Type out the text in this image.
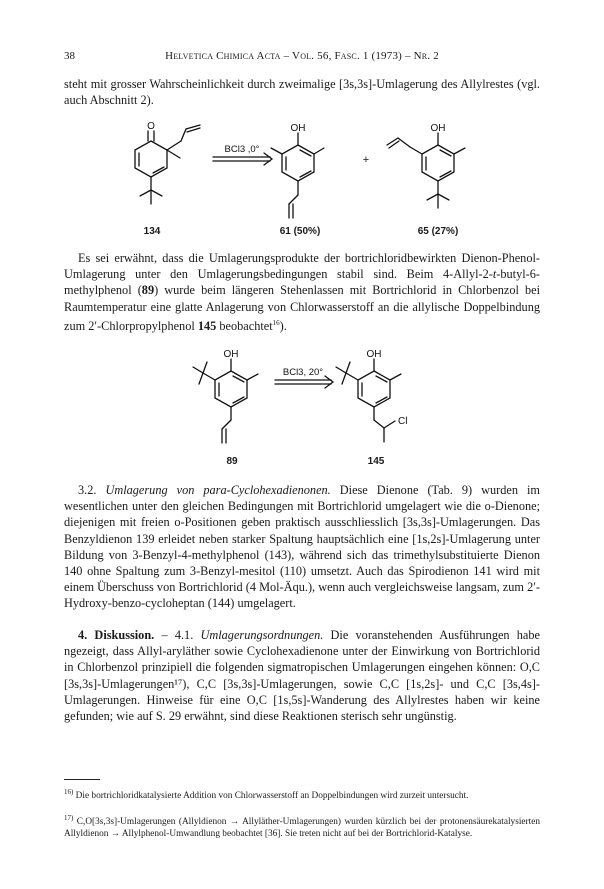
38	Helvetica Chimica Acta – Vol. 56, Fasc. 1 (1973) – Nr. 2
steht mit grosser Wahrscheinlichkeit durch zweimalige [3s,3s]-Umlagerung des Allylrestes (vgl. auch Abschnitt 2).
O	OH	OH
BCl3 ,0°
+
OH	OH
BCl3, 20°
Cl
134	61 (50%)	65 (27%)
89	145
Es sei erwähnt, dass die Umlagerungsprodukte der bortrichloridbewirkten Dienon-Phenol-Umlagerung unter den Umlagerungsbedingungen stabil sind. Beim 4-Allyl-2-t-butyl-6-methylphenol (89) wurde beim längeren Stehenlassen mit Bortrichlorid in Chlorbenzol bei Raumtemperatur eine glatte Anlagerung von Chlorwasserstoff an die allylische Doppelbindung zum 2′-Chlorpropylphenol 145 beobachtet$^{16}$).
3.2. Umlagerung von para-Cyclohexadienonen. Diese Dienone (Tab. 9) wurden im wesentlichen unter den gleichen Bedingungen mit Bortrichlorid umgelagert wie die o-Dienone; diejenigen mit freien o-Positionen geben praktisch ausschliesslich [3s,3s]-Umlagerungen. Das Benzyldienon 139 erleidet neben starker Spaltung hauptsächlich eine [1s,2s]-Umlagerung unter Bildung von 3-Benzyl-4-methylphenol (143), während sich das trimethylsubstituierte Dienon 140 ohne Spaltung zum 3-Benzyl-mesitol (110) umsetzt. Auch das Spirodienon 141 wird mit einem Überschuss von Bortrichlorid (4 Mol-Äqu.), wenn auch vergleichsweise langsam, zum 2′-Hydroxy-benzo-cycloheptan (144) umgelagert.
4. Diskussion. – 4.1. Umlagerungsordnungen. Die voranstehenden Ausführungen habe ngezeigt, dass Allyl-aryläther sowie Cyclohexadienone unter der Einwirkung von Bortrichlorid in Chlorbenzol prinzipiell die folgenden sigmatropischen Umlagerungen eingehen können: O,C [3s,3s]-Umlagerungen¹⁷), C,C [3s,3s]-Umlagerungen, sowie C,C [1s,2s]- und C,C [3s,4s]-Umlagerungen. Hinweise für eine O,C [1s,5s]-Wanderung des Allylrestes haben wir keine gefunden; wie auf S. 29 erwähnt, sind diese Reaktionen sterisch sehr ungünstig.
$^{16)}$ Die bortrichloridkatalysierte Addition von Chlorwasserstoff an Doppelbindungen wird zurzeit untersucht.
$^{17)}$ C,O[3s,3s]-Umlagerungen (Allyldienon → Allyläther-Umlagerungen) wurden kürzlich bei der protonensäurekatalysierten Allyldienon → Allylphenol-Umwandlung beobachtet [36]. Sie treten nicht auf bei der Bortrichlorid-Katalyse.
